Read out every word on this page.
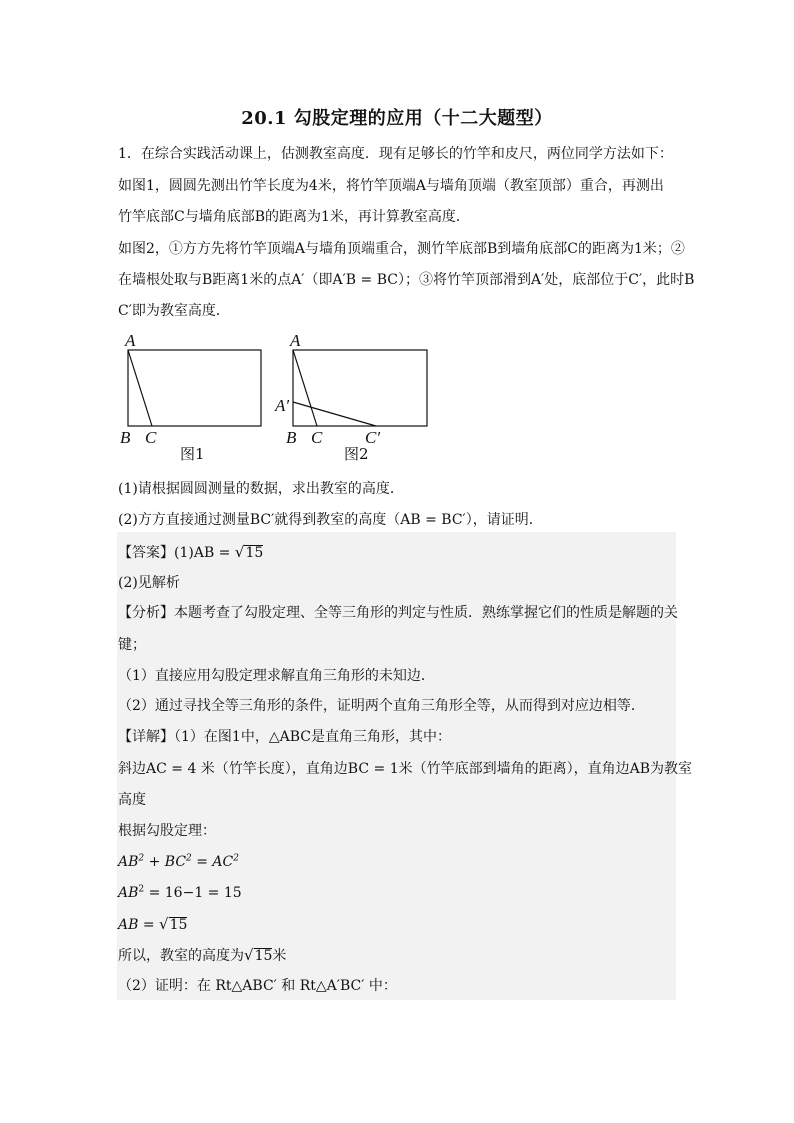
20.1 勾股定理的应用（十二大题型）
1．在综合实践活动课上，估测教室高度．现有足够长的竹竿和皮尺，两位同学方法如下：
如图1，圆圆先测出竹竿长度为4米，将竹竿顶端A与墙角顶端（教室顶部）重合，再测出
竹竿底部C与墙角底部B的距离为1米，再计算教室高度．
如图2，①方方先将竹竿顶端A与墙角顶端重合，测竹竿底部B到墙角底部C的距离为1米；②
在墙根处取与B距离1米的点A′（即A′B = BC）；③将竹竿顶部滑到A′处，底部位于C′，此时B
C′即为教室高度．
A
B C
图1
A
A′
B C	C′
图2
(1)请根据圆圆测量的数据，求出教室的高度．
(2)方方直接通过测量BC′就得到教室的高度（AB = BC′），请证明．
【答案】(1)AB = √15
(2)见解析
【分析】本题考查了勾股定理、全等三角形的判定与性质．熟练掌握它们的性质是解题的关
键；
（1）直接应用勾股定理求解直角三角形的未知边．
（2）通过寻找全等三角形的条件，证明两个直角三角形全等，从而得到对应边相等．
【详解】（1）在图1中，△ABC是直角三角形，其中：
斜边AC = 4 米（竹竿长度），直角边BC = 1米（竹竿底部到墙角的距离），直角边AB为教室
高度
根据勾股定理：
$AB^2 + BC^2 = AC^2$
$AB^2 = 16-1 = 15$
AB = √15
所以，教室的高度为√15米
（2）证明：在 Rt△ABC′ 和 Rt△A′BC′ 中：
